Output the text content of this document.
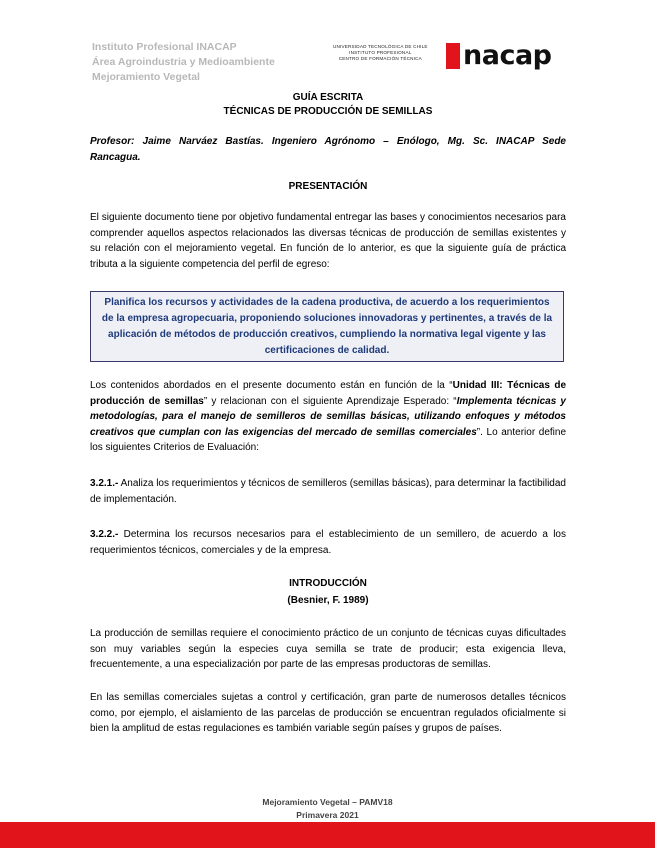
Instituto Profesional INACAP
Área Agroindustria y Medioambiente
Mejoramiento Vegetal
UNIVERSIDAD TECNOLÓGICA DE CHILE
INSTITUTO PROFESIONAL
CENTRO DE FORMACIÓN TÉCNICA nacap
GUÍA ESCRITA
TÉCNICAS DE PRODUCCIÓN DE SEMILLAS
Profesor: Jaime Narváez Bastías. Ingeniero Agrónomo – Enólogo, Mg. Sc. INACAP Sede
Rancagua.
PRESENTACIÓN
El siguiente documento tiene por objetivo fundamental entregar las bases y conocimientos necesarios para comprender aquellos aspectos relacionados las diversas técnicas de producción de semillas existentes y su relación con el mejoramiento vegetal. En función de lo anterior, es que la siguiente guía de práctica tributa a la siguiente competencia del perfil de egreso:

Planifica los recursos y actividades de la cadena productiva, de acuerdo a los requerimientos de la empresa agropecuaria, proponiendo soluciones innovadoras y pertinentes, a través de la aplicación de métodos de producción creativos, cumpliendo la normativa legal vigente y las certificaciones de calidad.

Los contenidos abordados en el presente documento están en función de la “Unidad III: Técnicas de producción de semillas” y relacionan con el siguiente Aprendizaje Esperado: “Implementa técnicas y metodologías, para el manejo de semilleros de semillas básicas, utilizando enfoques y métodos creativos que cumplan con las exigencias del mercado de semillas comerciales”. Lo anterior define los siguientes Criterios de Evaluación:
3.2.1.- Analiza los requerimientos y técnicos de semilleros (semillas básicas), para determinar la factibilidad de implementación.
3.2.2.- Determina los recursos necesarios para el establecimiento de un semillero, de acuerdo a los requerimientos técnicos, comerciales y de la empresa.
INTRODUCCIÓN
(Besnier, F. 1989)
La producción de semillas requiere el conocimiento práctico de un conjunto de técnicas cuyas dificultades son muy variables según la especies cuya semilla se trate de producir; esta exigencia lleva, frecuentemente, a una especialización por parte de las empresas productoras de semillas.
En las semillas comerciales sujetas a control y certificación, gran parte de numerosos detalles técnicos como, por ejemplo, el aislamiento de las parcelas de producción se encuentran regulados oficialmente si bien la amplitud de estas regulaciones es también variable según países y grupos de países.
Mejoramiento Vegetal – PAMV18
Primavera 2021
